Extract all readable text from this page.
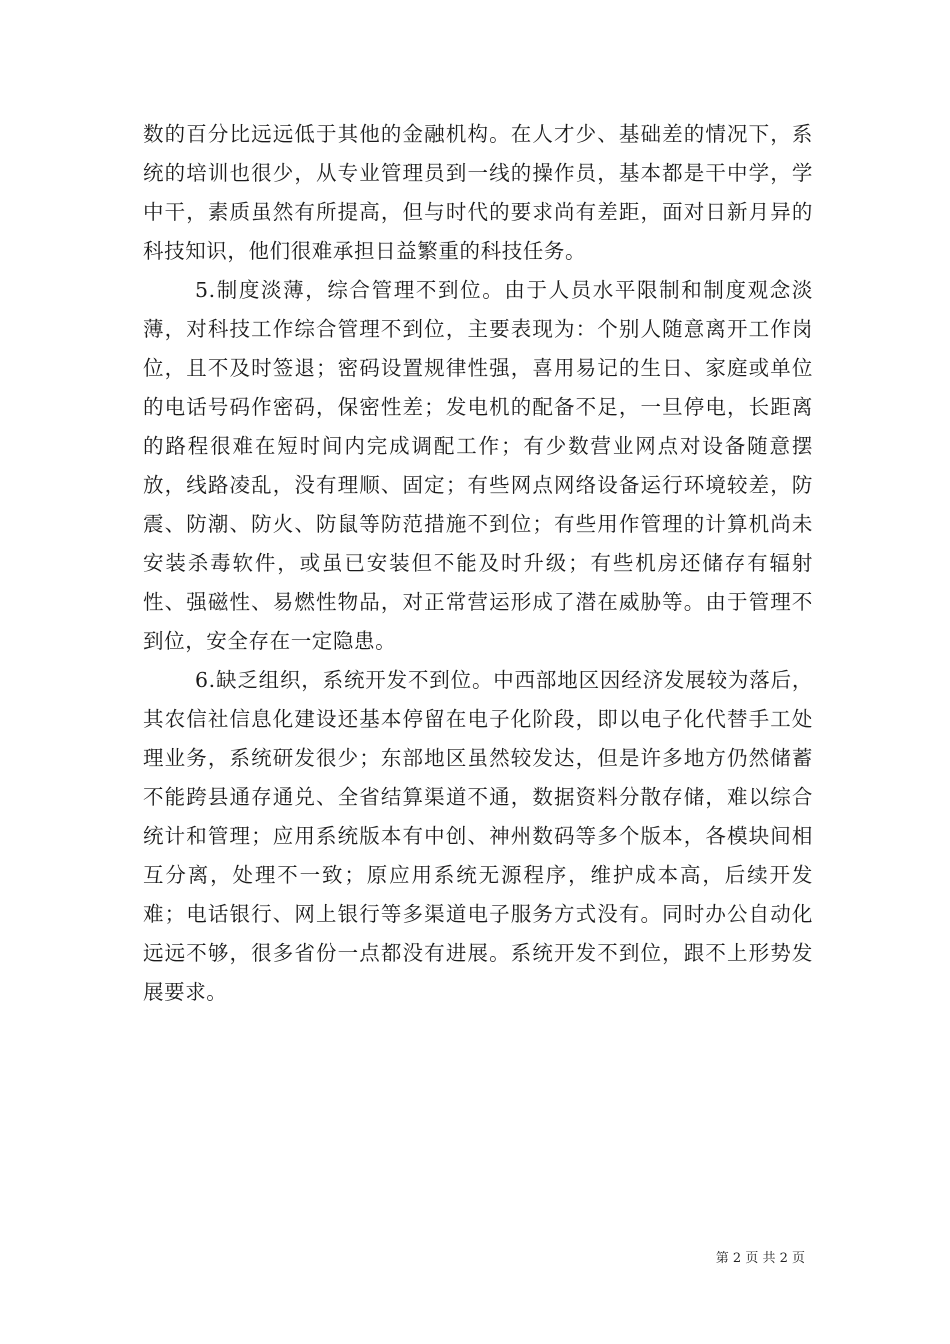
数的百分比远远低于其他的金融机构。在人才少、基础差的情况下，系统的培训也很少，从专业管理员到一线的操作员，基本都是干中学，学中干，素质虽然有所提高，但与时代的要求尚有差距，面对日新月异的科技知识，他们很难承担日益繁重的科技任务。

5.制度淡薄，综合管理不到位。由于人员水平限制和制度观念淡薄，对科技工作综合管理不到位，主要表现为：个别人随意离开工作岗位，且不及时签退；密码设置规律性强，喜用易记的生日、家庭或单位的电话号码作密码，保密性差；发电机的配备不足，一旦停电，长距离的路程很难在短时间内完成调配工作；有少数营业网点对设备随意摆放，线路凌乱，没有理顺、固定；有些网点网络设备运行环境较差，防震、防潮、防火、防鼠等防范措施不到位；有些用作管理的计算机尚未安装杀毒软件，或虽已安装但不能及时升级；有些机房还储存有辐射性、强磁性、易燃性物品，对正常营运形成了潜在威胁等。由于管理不到位，安全存在一定隐患。

6.缺乏组织，系统开发不到位。中西部地区因经济发展较为落后，其农信社信息化建设还基本停留在电子化阶段，即以电子化代替手工处理业务，系统研发很少；东部地区虽然较发达，但是许多地方仍然储蓄不能跨县通存通兑、全省结算渠道不通，数据资料分散存储，难以综合统计和管理；应用系统版本有中创、神州数码等多个版本，各模块间相互分离，处理不一致；原应用系统无源程序，维护成本高，后续开发难；电话银行、网上银行等多渠道电子服务方式没有。同时办公自动化远远不够，很多省份一点都没有进展。系统开发不到位，跟不上形势发展要求。

第 2 页 共 2 页
